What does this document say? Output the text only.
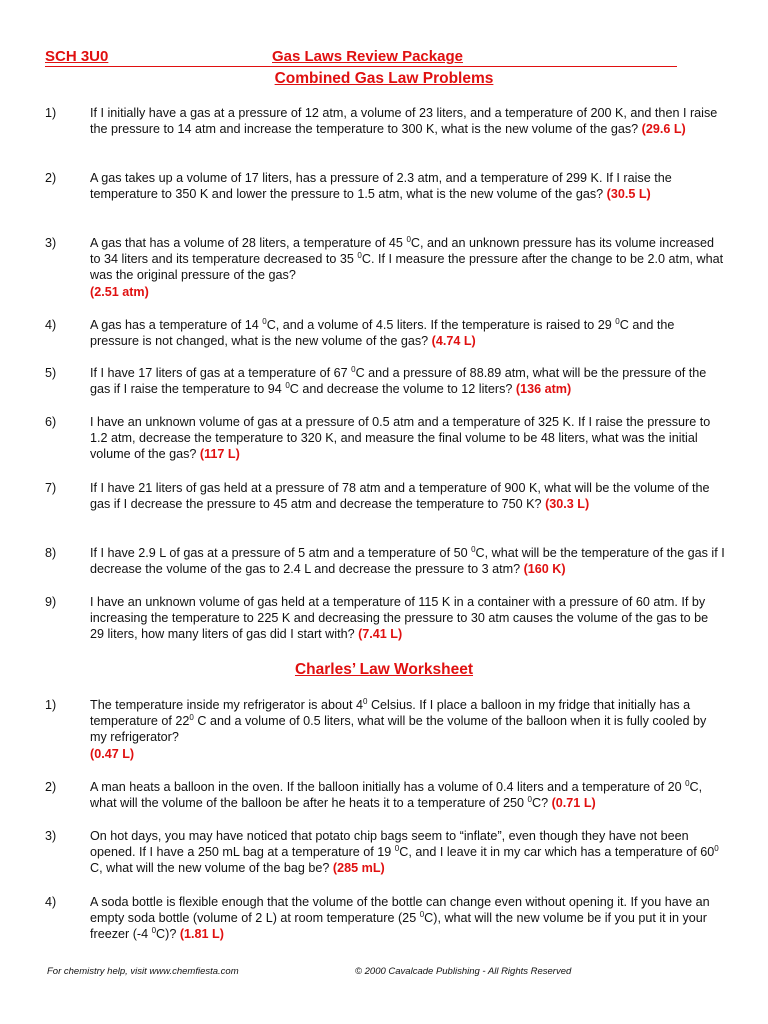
SCH 3U0	Gas Laws Review Package
Combined Gas Law Problems
1)	If I initially have a gas at a pressure of 12 atm, a volume of 23 liters, and a temperature of 200 K, and then I raise the pressure to 14 atm and increase the temperature to 300 K, what is the new volume of the gas? (29.6 L)
2)	A gas takes up a volume of 17 liters, has a pressure of 2.3 atm, and a temperature of 299 K. If I raise the temperature to 350 K and lower the pressure to 1.5 atm, what is the new volume of the gas? (30.5 L)
3)	A gas that has a volume of 28 liters, a temperature of 45 $^0$C, and an unknown pressure has its volume increased to 34 liters and its temperature decreased to 35 $^0$C. If I measure the pressure after the change to be 2.0 atm, what was the original pressure of the gas?
(2.51 atm)
4)	A gas has a temperature of 14 $^0$C, and a volume of 4.5 liters. If the temperature is raised to 29 $^0$C and the pressure is not changed, what is the new volume of the gas? (4.74 L)
5)	If I have 17 liters of gas at a temperature of 67 $^0$C and a pressure of 88.89 atm, what will be the pressure of the gas if I raise the temperature to 94 $^0$C and decrease the volume to 12 liters? (136 atm)
6)	I have an unknown volume of gas at a pressure of 0.5 atm and a temperature of 325 K. If I raise the pressure to 1.2 atm, decrease the temperature to 320 K, and measure the final volume to be 48 liters, what was the initial volume of the gas? (117 L)
7)	If I have 21 liters of gas held at a pressure of 78 atm and a temperature of 900 K, what will be the volume of the gas if I decrease the pressure to 45 atm and decrease the temperature to 750 K? (30.3 L)
8)	If I have 2.9 L of gas at a pressure of 5 atm and a temperature of 50 $^0$C, what will be the temperature of the gas if I decrease the volume of the gas to 2.4 L and decrease the pressure to 3 atm? (160 K)
9)	I have an unknown volume of gas held at a temperature of 115 K in a container with a pressure of 60 atm. If by increasing the temperature to 225 K and decreasing the pressure to 30 atm causes the volume of the gas to be 29 liters, how many liters of gas did I start with? (7.41 L)
Charles’ Law Worksheet
1)	The temperature inside my refrigerator is about $4^0$ Celsius. If I place a balloon in my fridge that initially has a temperature of $22^0$ C and a volume of 0.5 liters, what will be the volume of the balloon when it is fully cooled by my refrigerator?
(0.47 L)
2)	A man heats a balloon in the oven. If the balloon initially has a volume of 0.4 liters and a temperature of 20 $^0$C, what will the volume of the balloon be after he heats it to a temperature of 250 $^0$C? (0.71 L)
3)	On hot days, you may have noticed that potato chip bags seem to “inflate”, even though they have not been opened. If I have a 250 mL bag at a temperature of 19 $^0$C, and I leave it in my car which has a temperature of $60^0$ C, what will the new volume of the bag be? (285 mL)
4)	A soda bottle is flexible enough that the volume of the bottle can change even without opening it. If you have an empty soda bottle (volume of 2 L) at room temperature (25 $^0$C), what will the new volume be if you put it in your freezer (-4 $^0$C)? (1.81 L)
For chemistry help, visit www.chemfiesta.com	© 2000 Cavalcade Publishing - All Rights Reserved
